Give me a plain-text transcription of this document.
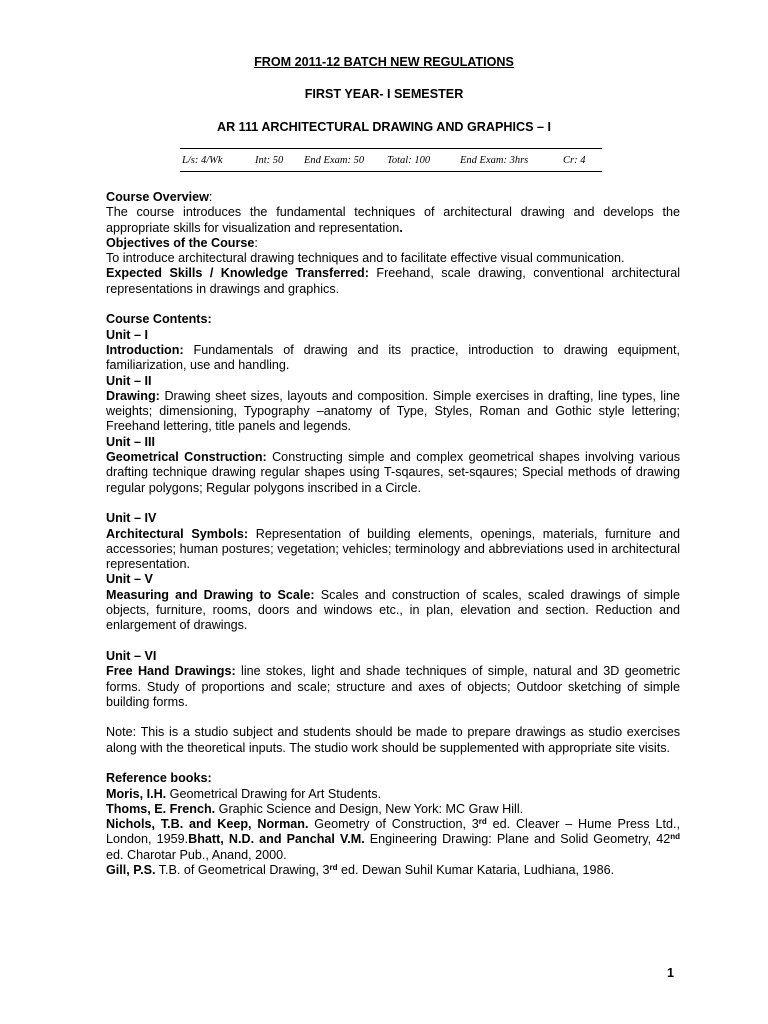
FROM 2011-12 BATCH NEW REGULATIONS
FIRST YEAR- I SEMESTER
AR 111 ARCHITECTURAL DRAWING AND GRAPHICS – I
L/s: 4/Wk	Int: 50 End Exam: 50 Total: 100	End Exam: 3hrs	Cr: 4

Course Overview:

The course introduces the fundamental techniques of architectural drawing and develops the appropriate skills for visualization and representation.

Objectives of the Course:

To introduce architectural drawing techniques and to facilitate effective visual communication.

Expected Skills / Knowledge Transferred: Freehand, scale drawing, conventional architectural representations in drawings and graphics.

Course Contents:

Unit – I

Introduction: Fundamentals of drawing and its practice, introduction to drawing equipment, familiarization, use and handling.

Unit – II

Drawing: Drawing sheet sizes, layouts and composition. Simple exercises in drafting, line types, line weights; dimensioning, Typography –anatomy of Type, Styles, Roman and Gothic style lettering; Freehand lettering, title panels and legends.

Unit – III

Geometrical Construction: Constructing simple and complex geometrical shapes involving various drafting technique drawing regular shapes using T-sqaures, set-sqaures; Special methods of drawing regular polygons; Regular polygons inscribed in a Circle.

Unit – IV

Architectural Symbols: Representation of building elements, openings, materials, furniture and accessories; human postures; vegetation; vehicles; terminology and abbreviations used in architectural representation.

Unit – V

Measuring and Drawing to Scale: Scales and construction of scales, scaled drawings of simple objects, furniture, rooms, doors and windows etc., in plan, elevation and section. Reduction and enlargement of drawings.

Unit – VI

Free Hand Drawings: line stokes, light and shade techniques of simple, natural and 3D geometric forms. Study of proportions and scale; structure and axes of objects; Outdoor sketching of simple building forms.

Note: This is a studio subject and students should be made to prepare drawings as studio exercises along with the theoretical inputs. The studio work should be supplemented with appropriate site visits.

Reference books:

Moris, I.H. Geometrical Drawing for Art Students.

Thoms, E. French. Graphic Science and Design, New York: MC Graw Hill.

Nichols, T.B. and Keep, Norman. Geometry of Construction, 3rd ed. Cleaver – Hume Press Ltd., London, 1959.Bhatt, N.D. and Panchal V.M. Engineering Drawing: Plane and Solid Geometry, 42nd ed. Charotar Pub., Anand, 2000.

Gill, P.S. T.B. of Geometrical Drawing, 3rd ed. Dewan Suhil Kumar Kataria, Ludhiana, 1986.

1
